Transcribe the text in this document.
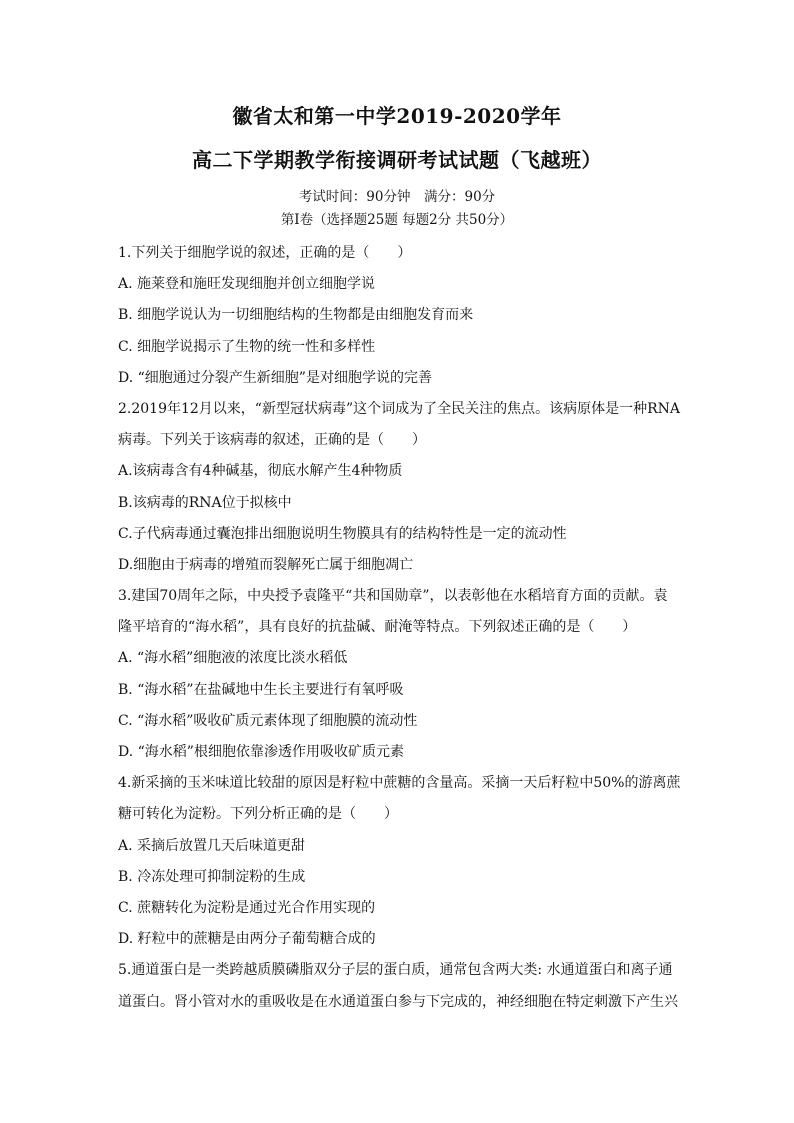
徽省太和第一中学2019-2020学年
高二下学期教学衔接调研考试试题（飞越班）
考试时间：90分钟　满分：90分
第I卷（选择题25题 每题2分 共50分）
1.下列关于细胞学说的叙述，正确的是（　　）
A. 施莱登和施旺发现细胞并创立细胞学说
B. 细胞学说认为一切细胞结构的生物都是由细胞发育而来
C. 细胞学说揭示了生物的统一性和多样性
D. “细胞通过分裂产生新细胞”是对细胞学说的完善
2.2019年12月以来，“新型冠状病毒”这个词成为了全民关注的焦点。该病原体是一种RNA
病毒。下列关于该病毒的叙述，正确的是（　　）
A.该病毒含有4种碱基，彻底水解产生4种物质
B.该病毒的RNA位于拟核中
C.子代病毒通过囊泡排出细胞说明生物膜具有的结构特性是一定的流动性
D.细胞由于病毒的增殖而裂解死亡属于细胞凋亡
3.建国70周年之际，中央授予袁隆平“共和国勋章”，以表彰他在水稻培育方面的贡献。袁
隆平培育的“海水稻”，具有良好的抗盐碱、耐淹等特点。下列叙述正确的是（　　）
A. “海水稻”细胞液的浓度比淡水稻低
B. “海水稻”在盐碱地中生长主要进行有氧呼吸
C. “海水稻”吸收矿质元素体现了细胞膜的流动性
D. “海水稻”根细胞依靠渗透作用吸收矿质元素
4.新采摘的玉米味道比较甜的原因是籽粒中蔗糖的含量高。采摘一天后籽粒中50%的游离蔗
糖可转化为淀粉。下列分析正确的是（　　）
A. 采摘后放置几天后味道更甜
B. 冷冻处理可抑制淀粉的生成
C. 蔗糖转化为淀粉是通过光合作用实现的
D. 籽粒中的蔗糖是由两分子葡萄糖合成的
5.通道蛋白是一类跨越质膜磷脂双分子层的蛋白质，通常包含两大类: 水通道蛋白和离子通
道蛋白。肾小管对水的重吸收是在水通道蛋白参与下完成的，神经细胞在特定刺激下产生兴
